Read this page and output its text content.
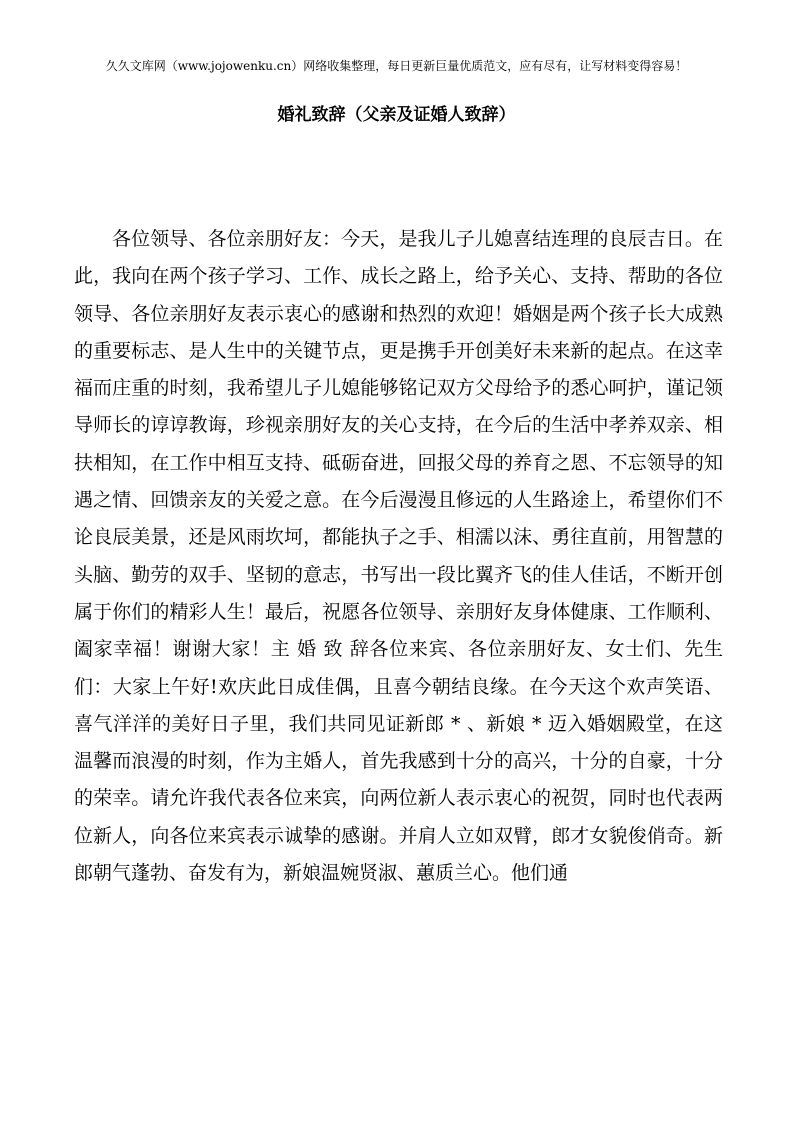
久久文库网（www.jojowenku.cn）网络收集整理，每日更新巨量优质范文，应有尽有，让写材料变得容易！
婚礼致辞（父亲及证婚人致辞）

各位领导、各位亲朋好友：今天，是我儿子儿媳喜结连理的良辰吉日。在此，我向在两个孩子学习、工作、成长之路上，给予关心、支持、帮助的各位领导、各位亲朋好友表示衷心的感谢和热烈的欢迎！婚姻是两个孩子长大成熟的重要标志、是人生中的关键节点，更是携手开创美好未来新的起点。在这幸福而庄重的时刻，我希望儿子儿媳能够铭记双方父母给予的悉心呵护，谨记领导师长的谆谆教诲，珍视亲朋好友的关心支持，在今后的生活中孝养双亲、相扶相知，在工作中相互支持、砥砺奋进，回报父母的养育之恩、不忘领导的知遇之情、回馈亲友的关爱之意。在今后漫漫且修远的人生路途上，希望你们不论良辰美景，还是风雨坎坷，都能执子之手、相濡以沫、勇往直前，用智慧的头脑、勤劳的双手、坚韧的意志，书写出一段比翼齐飞的佳人佳话，不断开创属于你们的精彩人生！最后，祝愿各位领导、亲朋好友身体健康、工作顺利、阖家幸福！谢谢大家！主 婚 致 辞各位来宾、各位亲朋好友、女士们、先生们：大家上午好!欢庆此日成佳偶，且喜今朝结良缘。在今天这个欢声笑语、喜气洋洋的美好日子里，我们共同见证新郎 * 、新娘 * 迈入婚姻殿堂，在这温馨而浪漫的时刻，作为主婚人，首先我感到十分的高兴，十分的自豪，十分的荣幸。请允许我代表各位来宾，向两位新人表示衷心的祝贺，同时也代表两位新人，向各位来宾表示诚挚的感谢。并肩人立如双臂，郎才女貌俊俏奇。新郎朝气蓬勃、奋发有为，新娘温婉贤淑、蕙质兰心。他们通
